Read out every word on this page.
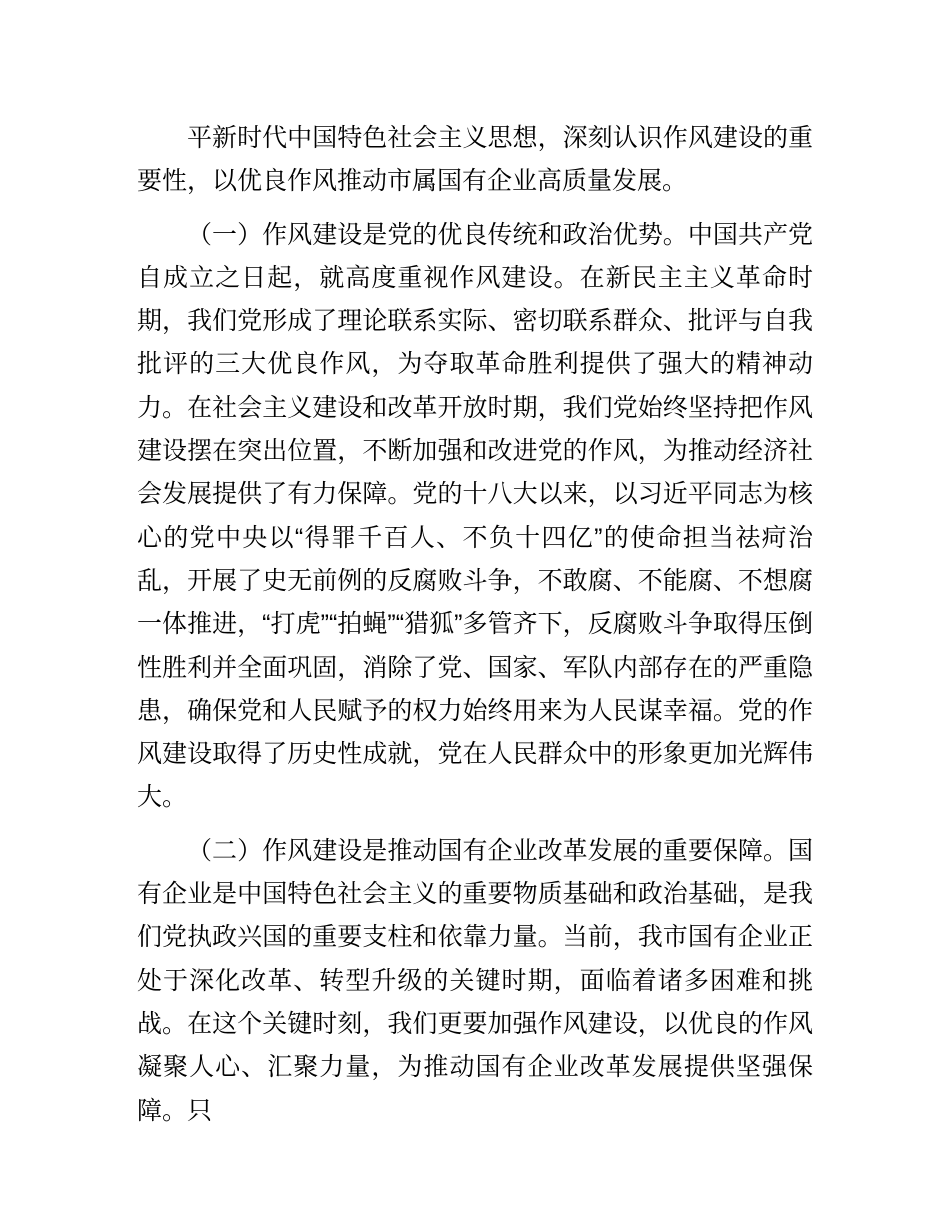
平新时代中国特色社会主义思想，深刻认识作风建设的重要性，以优良作风推动市属国有企业高质量发展。

（一）作风建设是党的优良传统和政治优势。中国共产党自成立之日起，就高度重视作风建设。在新民主主义革命时期，我们党形成了理论联系实际、密切联系群众、批评与自我批评的三大优良作风，为夺取革命胜利提供了强大的精神动力。在社会主义建设和改革开放时期，我们党始终坚持把作风建设摆在突出位置，不断加强和改进党的作风，为推动经济社会发展提供了有力保障。党的十八大以来，以习近平同志为核心的党中央以“得罪千百人、不负十四亿”的使命担当祛疴治乱，开展了史无前例的反腐败斗争，不敢腐、不能腐、不想腐一体推进，“打虎”“拍蝇”“猎狐”多管齐下，反腐败斗争取得压倒性胜利并全面巩固，消除了党、国家、军队内部存在的严重隐患，确保党和人民赋予的权力始终用来为人民谋幸福。党的作风建设取得了历史性成就，党在人民群众中的形象更加光辉伟大。

（二）作风建设是推动国有企业改革发展的重要保障。国有企业是中国特色社会主义的重要物质基础和政治基础，是我们党执政兴国的重要支柱和依靠力量。当前，我市国有企业正处于深化改革、转型升级的关键时期，面临着诸多困难和挑战。在这个关键时刻，我们更要加强作风建设，以优良的作风凝聚人心、汇聚力量，为推动国有企业改革发展提供坚强保障。只
